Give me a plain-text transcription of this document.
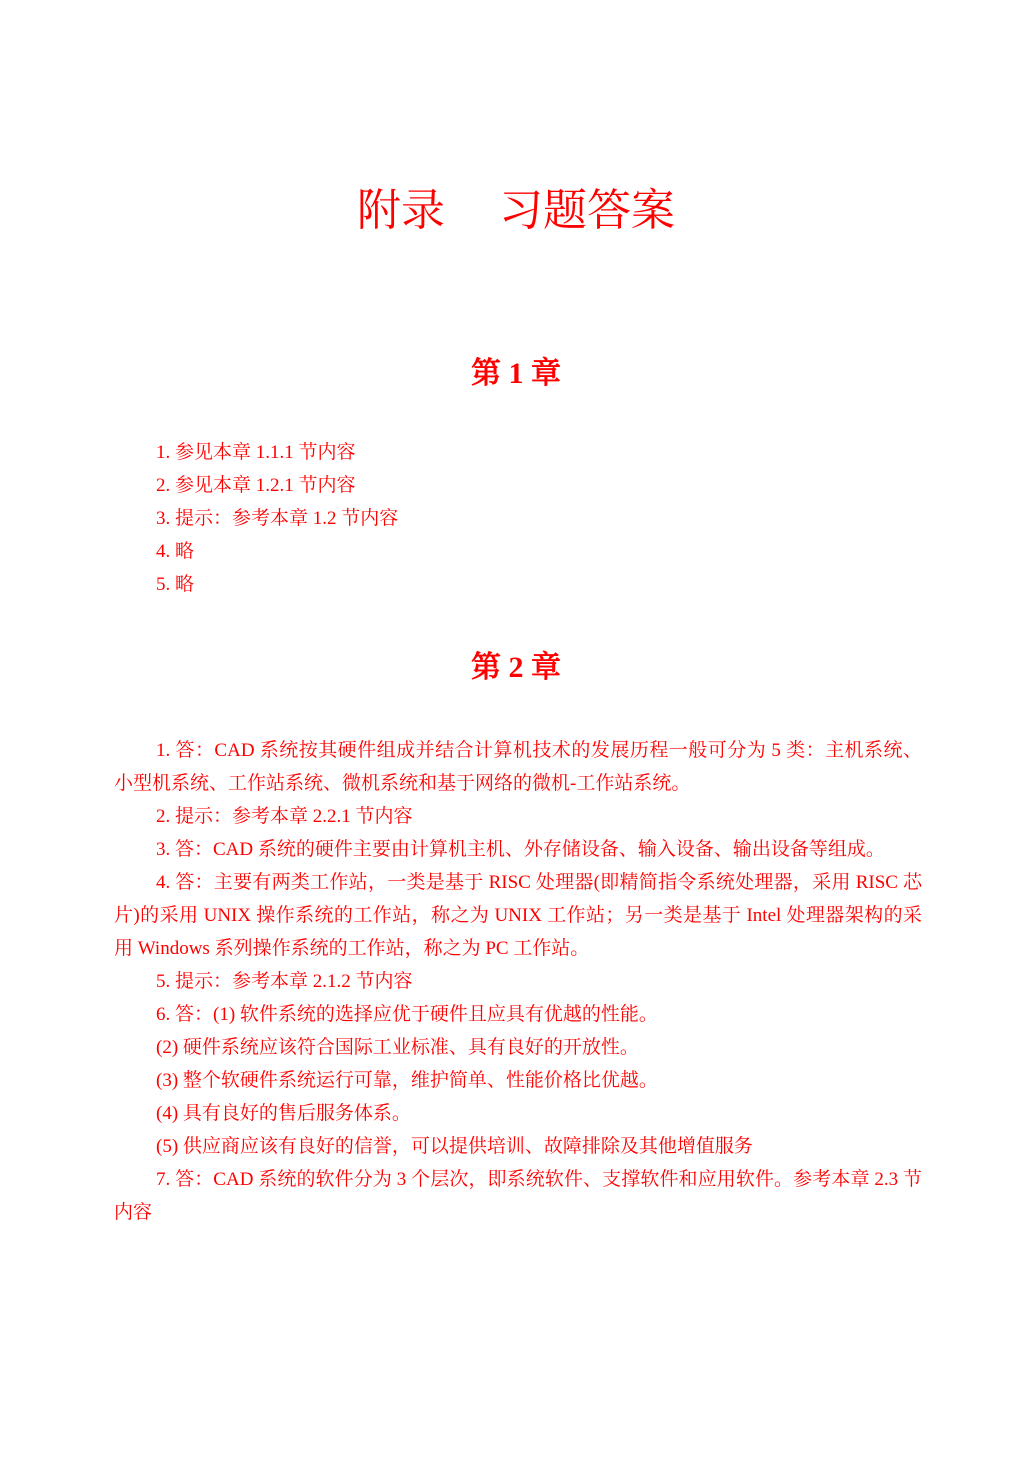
附录 习题答案
第 1 章
1. 参见本章 1.1.1 节内容
2. 参见本章 1.2.1 节内容
3. 提示：参考本章 1.2 节内容
4. 略
5. 略
第 2 章
1. 答：CAD 系统按其硬件组成并结合计算机技术的发展历程一般可分为 5 类：主机系统、小型机系统、工作站系统、微机系统和基于网络的微机-工作站系统。
2. 提示：参考本章 2.2.1 节内容
3. 答：CAD 系统的硬件主要由计算机主机、外存储设备、输入设备、输出设备等组成。
4. 答：主要有两类工作站，一类是基于 RISC 处理器(即精简指令系统处理器，采用 RISC 芯片)的采用 UNIX 操作系统的工作站，称之为 UNIX 工作站；另一类是基于 Intel 处理器架构的采用 Windows 系列操作系统的工作站，称之为 PC 工作站。
5. 提示：参考本章 2.1.2 节内容
6. 答：(1) 软件系统的选择应优于硬件且应具有优越的性能。
(2) 硬件系统应该符合国际工业标准、具有良好的开放性。
(3) 整个软硬件系统运行可靠，维护简单、性能价格比优越。
(4) 具有良好的售后服务体系。
(5) 供应商应该有良好的信誉，可以提供培训、故障排除及其他增值服务
7. 答：CAD 系统的软件分为 3 个层次，即系统软件、支撑软件和应用软件。参考本章 2.3 节内容
